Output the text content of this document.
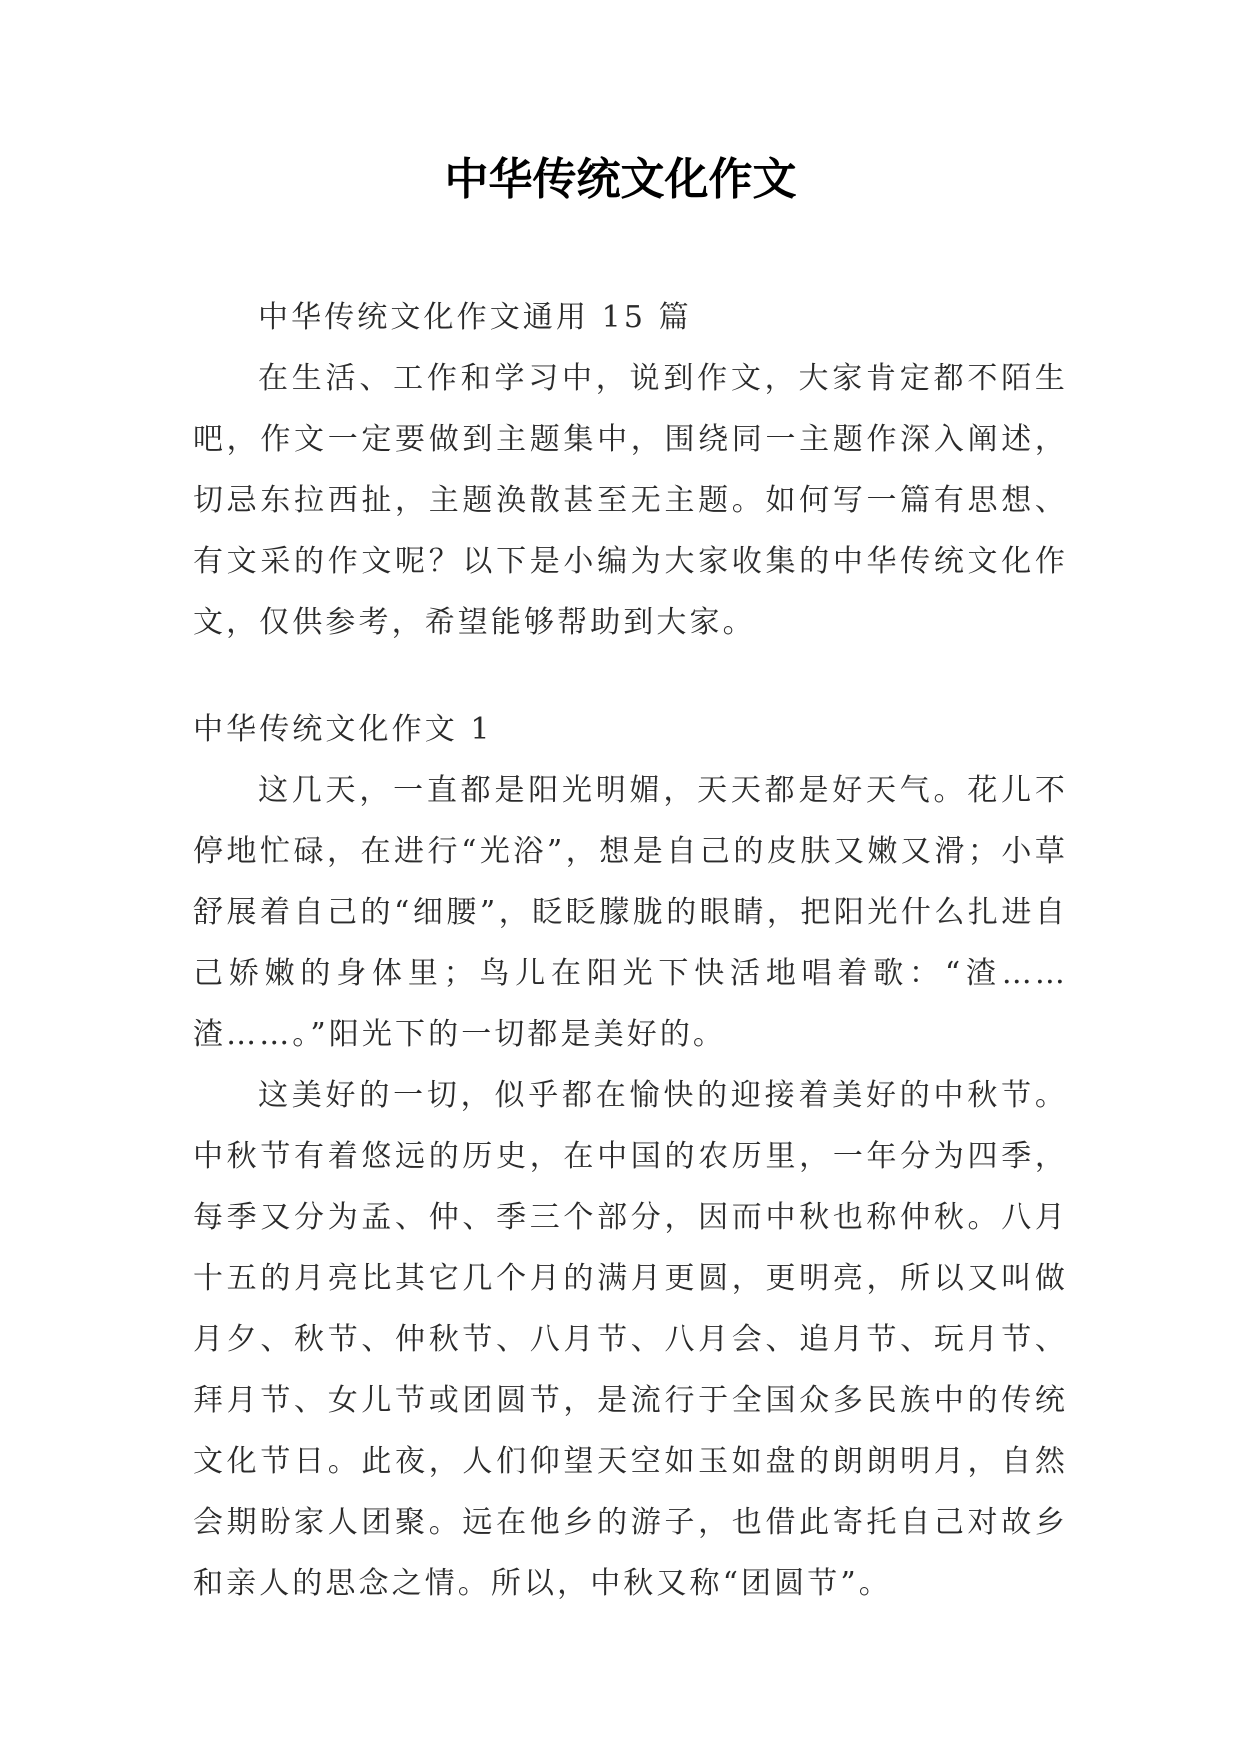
中华传统文化作文

中华传统文化作文通用 15 篇

在生活、工作和学习中，说到作文，大家肯定都不陌生吧，作文一定要做到主题集中，围绕同一主题作深入阐述，切忌东拉西扯，主题涣散甚至无主题。如何写一篇有思想、有文采的作文呢？以下是小编为大家收集的中华传统文化作文，仅供参考，希望能够帮助到大家。

中华传统文化作文 1

这几天，一直都是阳光明媚，天天都是好天气。花儿不停地忙碌，在进行“光浴”，想是自己的皮肤又嫩又滑；小草舒展着自己的“细腰”，眨眨朦胧的眼睛，把阳光什么扎进自己娇嫩的身体里；鸟儿在阳光下快活地唱着歌：“渣……渣……。”阳光下的一切都是美好的。

这美好的一切，似乎都在愉快的迎接着美好的中秋节。中秋节有着悠远的历史，在中国的农历里，一年分为四季，每季又分为孟、仲、季三个部分，因而中秋也称仲秋。八月十五的月亮比其它几个月的满月更圆，更明亮，所以又叫做月夕、秋节、仲秋节、八月节、八月会、追月节、玩月节、拜月节、女儿节或团圆节，是流行于全国众多民族中的传统文化节日。此夜，人们仰望天空如玉如盘的朗朗明月，自然会期盼家人团聚。远在他乡的游子，也借此寄托自己对故乡和亲人的思念之情。所以，中秋又称“团圆节”。
